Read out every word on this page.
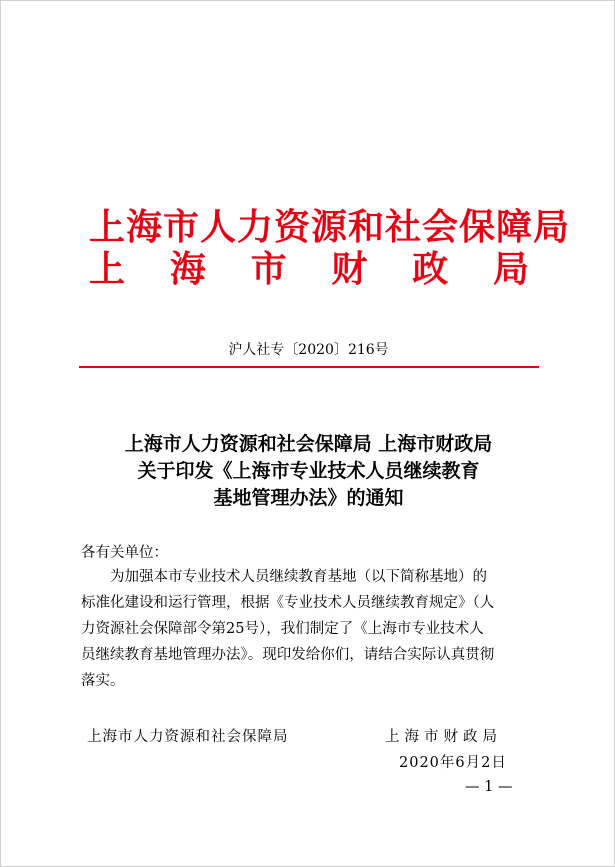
上海市人力资源和社会保障局
上 海 市 财 政 局
沪人社专〔2020〕216号
上海市人力资源和社会保障局 上海市财政局
关于印发《上海市专业技术人员继续教育
基地管理办法》的通知
各有关单位：
为加强本市专业技术人员继续教育基地（以下简称基地）的
标准化建设和运行管理，根据《专业技术人员继续教育规定》（人
力资源社会保障部令第25号），我们制定了《上海市专业技术人
员继续教育基地管理办法》。现印发给你们，请结合实际认真贯彻
落实。
上海市人力资源和社会保障局	上海市财政局
2020年6月2日
— 1 —
